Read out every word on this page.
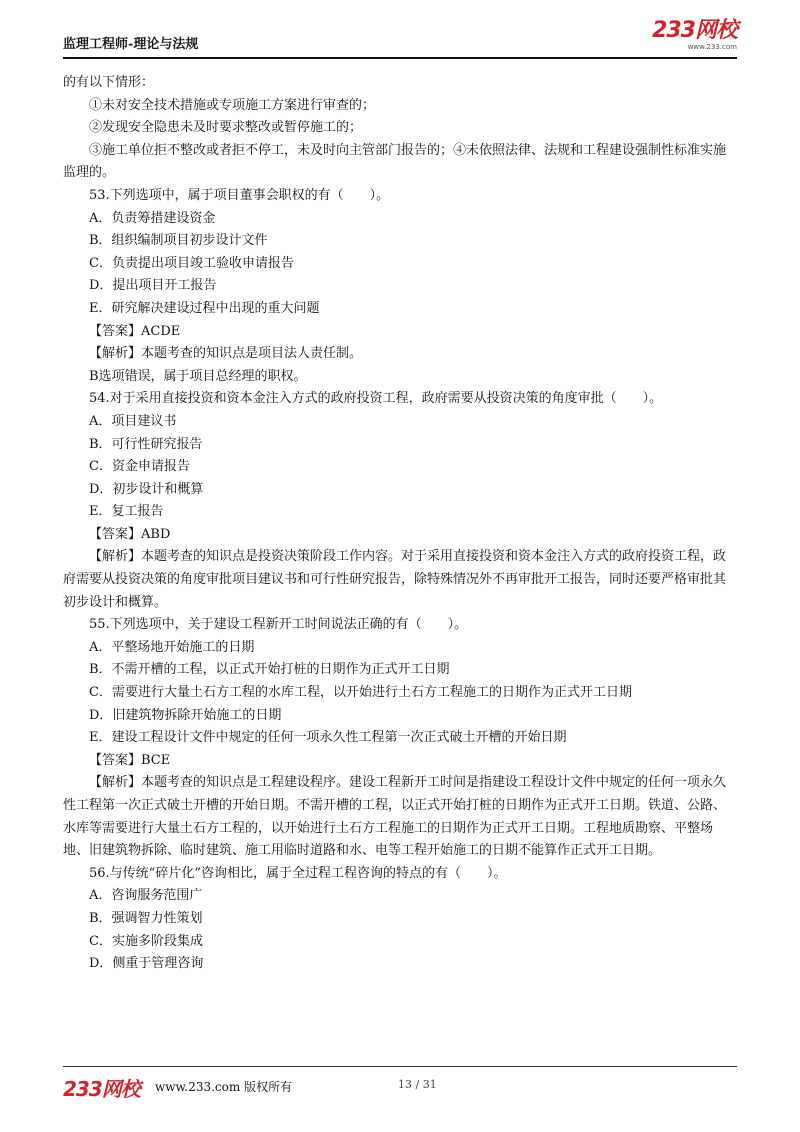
监理工程师-理论与法规
233网校
www.233.com

的有以下情形：

①未对安全技术措施或专项施工方案进行审查的；

②发现安全隐患未及时要求整改或暂停施工的；

③施工单位拒不整改或者拒不停工，未及时向主管部门报告的；④未依照法律、法规和工程建设强制性标准实施监理的。

53.下列选项中，属于项目董事会职权的有（　　）。

A．负责筹措建设资金

B．组织编制项目初步设计文件

C．负责提出项目竣工验收申请报告

D．提出项目开工报告

E．研究解决建设过程中出现的重大问题

【答案】ACDE

【解析】本题考查的知识点是项目法人责任制。

B选项错误，属于项目总经理的职权。

54.对于采用直接投资和资本金注入方式的政府投资工程，政府需要从投资决策的角度审批（　　）。

A．项目建议书

B．可行性研究报告

C．资金申请报告

D．初步设计和概算

E．复工报告

【答案】ABD

【解析】本题考查的知识点是投资决策阶段工作内容。对于采用直接投资和资本金注入方式的政府投资工程，政府需要从投资决策的角度审批项目建议书和可行性研究报告，除特殊情况外不再审批开工报告，同时还要严格审批其初步设计和概算。

55.下列选项中，关于建设工程新开工时间说法正确的有（　　）。

A．平整场地开始施工的日期

B．不需开槽的工程，以正式开始打桩的日期作为正式开工日期

C．需要进行大量土石方工程的水库工程，以开始进行土石方工程施工的日期作为正式开工日期

D．旧建筑物拆除开始施工的日期

E．建设工程设计文件中规定的任何一项永久性工程第一次正式破土开槽的开始日期

【答案】BCE

【解析】本题考查的知识点是工程建设程序。建设工程新开工时间是指建设工程设计文件中规定的任何一项永久性工程第一次正式破土开槽的开始日期。不需开槽的工程，以正式开始打桩的日期作为正式开工日期。铁道、公路、水库等需要进行大量土石方工程的，以开始进行土石方工程施工的日期作为正式开工日期。工程地质勘察、平整场地、旧建筑物拆除、临时建筑、施工用临时道路和水、电等工程开始施工的日期不能算作正式开工日期。

56.与传统“碎片化”咨询相比，属于全过程工程咨询的特点的有（　　）。

A．咨询服务范围广

B．强调智力性策划

C．实施多阶段集成

D．侧重于管理咨询

233网校 www.233.com 版权所有	13 / 31
